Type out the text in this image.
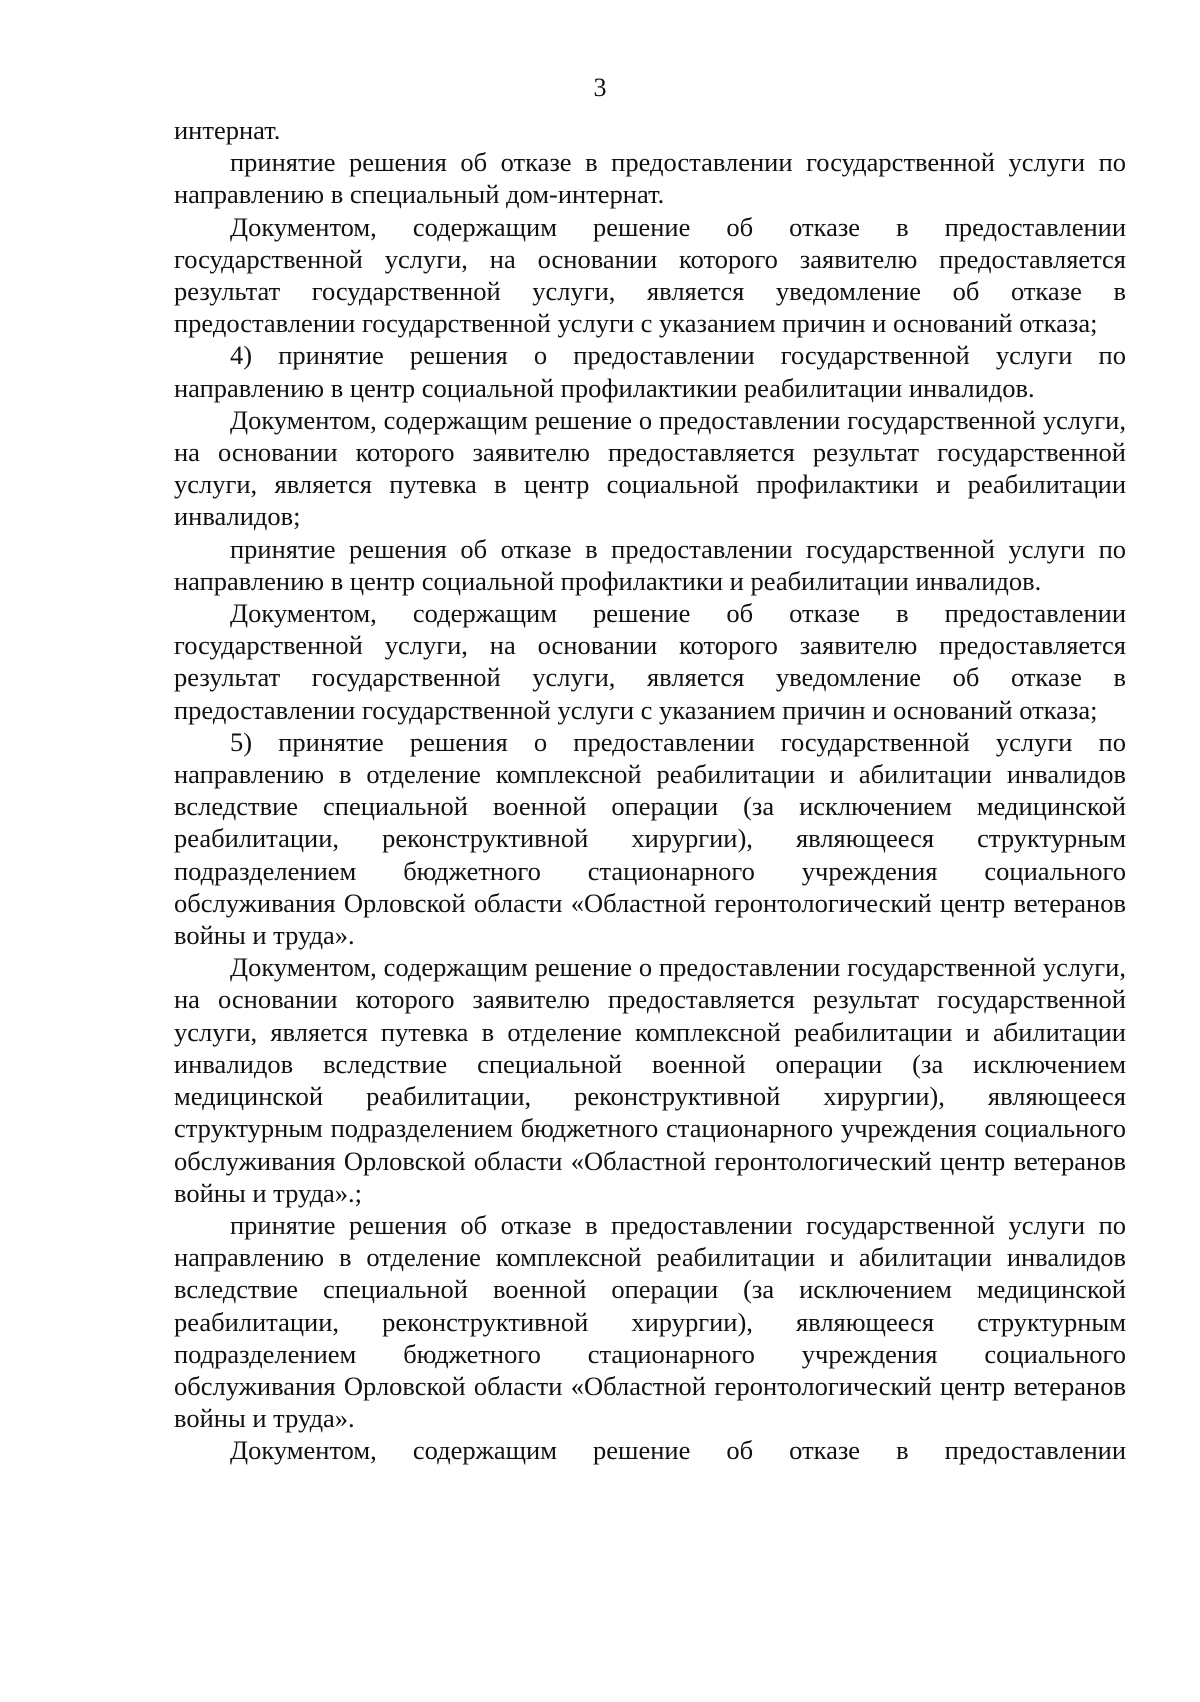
3

интернат.

принятие решения об отказе в предоставлении государственной услуги по направлению в специальный дом-интернат.

Документом, содержащим решение об отказе в предоставлении государственной услуги, на основании которого заявителю предоставляется результат государственной услуги, является уведомление об отказе в предоставлении государственной услуги с указанием причин и оснований отказа;

4) принятие решения о предоставлении государственной услуги по направлению в центр социальной профилактикии реабилитации инвалидов.

Документом, содержащим решение о предоставлении государственной услуги, на основании которого заявителю предоставляется результат государственной услуги, является путевка в центр социальной профилактики и реабилитации инвалидов;

принятие решения об отказе в предоставлении государственной услуги по направлению в центр социальной профилактики и реабилитации инвалидов.

Документом, содержащим решение об отказе в предоставлении государственной услуги, на основании которого заявителю предоставляется результат государственной услуги, является уведомление об отказе в предоставлении государственной услуги с указанием причин и оснований отказа;

5) принятие решения о предоставлении государственной услуги по направлению в отделение комплексной реабилитации и абилитации инвалидов вследствие специальной военной операции (за исключением медицинской реабилитации, реконструктивной хирургии), являющееся структурным подразделением бюджетного стационарного учреждения социального обслуживания Орловской области «Областной геронтологический центр ветеранов войны и труда».

Документом, содержащим решение о предоставлении государственной услуги, на основании которого заявителю предоставляется результат государственной услуги, является путевка в отделение комплексной реабилитации и абилитации инвалидов вследствие специальной военной операции (за исключением медицинской реабилитации, реконструктивной хирургии), являющееся структурным подразделением бюджетного стационарного учреждения социального обслуживания Орловской области «Областной геронтологический центр ветеранов войны и труда».;

принятие решения об отказе в предоставлении государственной услуги по направлению в отделение комплексной реабилитации и абилитации инвалидов вследствие специальной военной операции (за исключением медицинской реабилитации, реконструктивной хирургии), являющееся структурным подразделением бюджетного стационарного учреждения социального обслуживания Орловской области «Областной геронтологический центр ветеранов войны и труда».

Документом, содержащим решение об отказе в предоставлении
